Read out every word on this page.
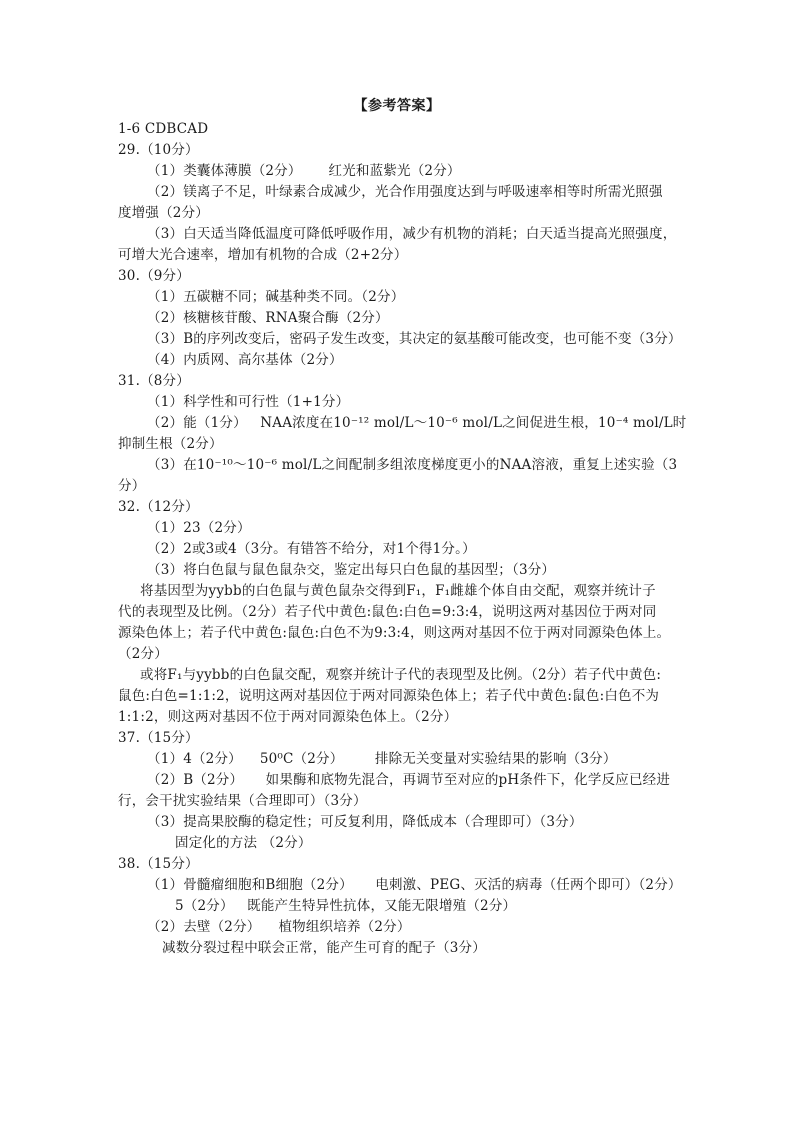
【参考答案】
1-6 CDBCAD
29.（10分）
（1）类囊体薄膜（2分）      红光和蓝紫光（2分）
（2）镁离子不足，叶绿素合成减少，光合作用强度达到与呼吸速率相等时所需光照强
度增强（2分）
（3）白天适当降低温度可降低呼吸作用，减少有机物的消耗；白天适当提高光照强度，
可增大光合速率，增加有机物的合成（2+2分）
30.（9分）
（1）五碳糖不同；碱基种类不同。（2分）
（2）核糖核苷酸、RNA聚合酶（2分）
（3）B的序列改变后，密码子发生改变，其决定的氨基酸可能改变，也可能不变（3分）
（4）内质网、高尔基体（2分）
31.（8分）
（1）科学性和可行性（1+1分）
（2）能（1分）   NAA浓度在10⁻¹² mol/L～10⁻⁶ mol/L之间促进生根，10⁻⁴ mol/L时
抑制生根（2分）
（3）在10⁻¹⁰～10⁻⁶ mol/L之间配制多组浓度梯度更小的NAA溶液，重复上述实验（3
分）
32.（12分）
（1）23（2分）
（2）2或3或4（3分。有错答不给分，对1个得1分。）
（3）将白色鼠与鼠色鼠杂交，鉴定出每只白色鼠的基因型；（3分）
将基因型为yybb的白色鼠与黄色鼠杂交得到F₁，F₁雌雄个体自由交配，观察并统计子
代的表现型及比例。（2分）若子代中黄色:鼠色:白色=9:3:4，说明这两对基因位于两对同
源染色体上；若子代中黄色:鼠色:白色不为9:3:4，则这两对基因不位于两对同源染色体上。
（2分）
或将F₁与yybb的白色鼠交配，观察并统计子代的表现型及比例。（2分）若子代中黄色:
鼠色:白色=1:1:2，说明这两对基因位于两对同源染色体上；若子代中黄色:鼠色:白色不为
1:1:2，则这两对基因不位于两对同源染色体上。（2分）
37.（15分）
（1）4（2分）    50⁰C（2分）       排除无关变量对实验结果的影响（3分）
（2）B（2分）     如果酶和底物先混合，再调节至对应的pH条件下，化学反应已经进
行，会干扰实验结果（合理即可）（3分）
（3）提高果胶酶的稳定性；可反复利用，降低成本（合理即可）（3分）
固定化的方法 （2分）
38.（15分）
（1）骨髓瘤细胞和B细胞（2分）     电刺激、PEG、灭活的病毒（任两个即可）（2分）
5（2分）   既能产生特异性抗体，又能无限增殖（2分）
（2）去壁（2分）    植物组织培养（2分）
减数分裂过程中联会正常，能产生可育的配子（3分）
